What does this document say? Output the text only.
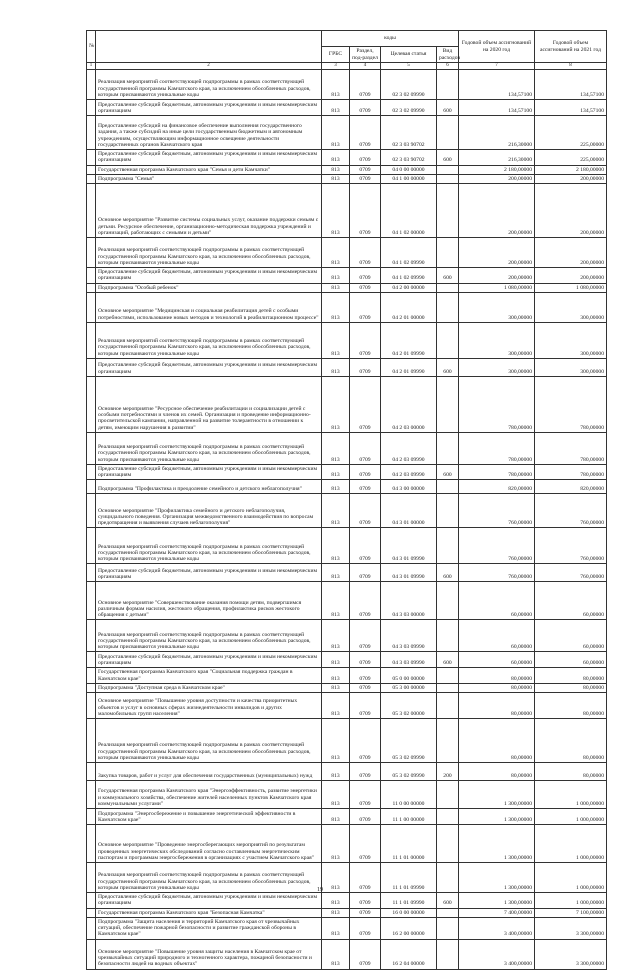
№		коды				Годовой объем ассигнований на 2020 год	Годовой объем ассигнований на 2021 год
		ГРБС	Раздел, под-раздел	Целевая статья	Вид расходов		
1	2	3	4	5	6	7	8
	Реализация мероприятий соответствующей подпрограммы в рамках соответствующей государственной программы Камчатского края, за исключением обособленных расходов, которым присваиваются уникальные коды	813	0709	02 3 02 09990		134,57100	134,57100
	Предоставление субсидий бюджетным, автономным учреждениям и иным некоммерческим организациям	813	0709	02 3 02 09990	600	134,57100	134,57100
	Предоставление субсидий на финансовое обеспечение выполнения государственного задания, а также субсидий на иные цели государственным бюджетным и автономным учреждениям, осуществляющим информационное освещение деятельности государственных органов Камчатского края	813	0709	02 3 03 90702		216,30000	225,00000
	Предоставление субсидий бюджетным, автономным учреждениям и иным некоммерческим организациям	813	0709	02 3 03 90702	600	216,30000	225,00000
	Государственная программа Камчатского края "Семья и дети Камчатки"	813	0709	04 0 00 00000		2 180,00000	2 180,00000
	Подпрограмма "Семья"	813	0709	04 1 00 00000		200,00000	200,00000
	Основное мероприятие "Развитие системы социальных услуг, оказание поддержки семьям с детьми. Ресурсное обеспечение, организационно-методическая поддержка учреждений и организаций, работающих с семьями и детьми"	813	0709	04 1 02 00000		200,00000	200,00000
	Реализация мероприятий соответствующей подпрограммы в рамках соответствующей государственной программы Камчатского края, за исключением обособленных расходов, которым присваиваются уникальные коды	813	0709	04 1 02 09990		200,00000	200,00000
	Предоставление субсидий бюджетным, автономным учреждениям и иным некоммерческим организациям	813	0709	04 1 02 09990	600	200,00000	200,00000
	Подпрограмма "Особый ребенок"	813	0709	04 2 00 00000		1 080,00000	1 080,00000
	Основное мероприятие "Медицинская и социальная реабилитация детей с особыми потребностями, использование новых методов и технологий в реабилитационном процессе"	813	0709	04 2 01 00000		300,00000	300,00000
	Реализация мероприятий соответствующей подпрограммы в рамках соответствующей государственной программы Камчатского края, за исключением обособленных расходов, которым присваиваются уникальные коды	813	0709	04 2 01 09990		300,00000	300,00000
	Предоставление субсидий бюджетным, автономным учреждениям и иным некоммерческим организациям	813	0709	04 2 01 09990	600	300,00000	300,00000
	Основное мероприятие "Ресурсное обеспечение реабилитации и социализации детей с особыми потребностями и членов их семей. Организация и проведение информационно-просветительской кампании, направленной на развитие толерантности в отношении к детям, имеющим нарушения в развитии"	813	0709	04 2 03 00000		780,00000	780,00000
	Реализация мероприятий соответствующей подпрограммы в рамках соответствующей государственной программы Камчатского края, за исключением обособленных расходов, которым присваиваются уникальные коды	813	0709	04 2 03 09990		780,00000	780,00000
	Предоставление субсидий бюджетным, автономным учреждениям и иным некоммерческим организациям	813	0709	04 2 03 09990	600	780,00000	780,00000
	Подпрограмма "Профилактика и преодоление семейного и детского неблагополучия"	813	0709	04 3 00 00000		820,00000	820,00000
	Основное мероприятие "Профилактика семейного и детского неблагополучия, суицидального поведения. Организация межведомственного взаимодействия по вопросам предотвращения и выявления случаев неблагополучия"	813	0709	04 3 01 00000		760,00000	760,00000
	Реализация мероприятий соответствующей подпрограммы в рамках соответствующей государственной программы Камчатского края, за исключением обособленных расходов, которым присваиваются уникальные коды	813	0709	04 3 01 09990		760,00000	760,00000
	Предоставление субсидий бюджетным, автономным учреждениям и иным некоммерческим организациям	813	0709	04 3 01 09990	600	760,00000	760,00000
	Основное мероприятие "Совершенствование оказания помощи детям, подвергшимся различным формам насилия, жестокого обращения, профилактика рисков жестокого обращения с детьми"	813	0709	04 3 03 00000		60,00000	60,00000
	Реализация мероприятий соответствующей подпрограммы в рамках соответствующей государственной программы Камчатского края, за исключением обособленных расходов, которым присваиваются уникальные коды	813	0709	04 3 03 09990		60,00000	60,00000
	Предоставление субсидий бюджетным, автономным учреждениям и иным некоммерческим организациям	813	0709	04 3 03 09990	600	60,00000	60,00000
	Государственная программа Камчатского края "Социальная поддержка граждан в Камчатском крае"	813	0709	05 0 00 00000		80,00000	80,00000
	Подпрограмма "Доступная среда в Камчатском крае"	813	0709	05 3 00 00000		80,00000	80,00000
	Основное мероприятие "Повышение уровня доступности и качества приоритетных объектов и услуг в основных сферах жизнедеятельности инвалидов и других маломобильных групп населения"	813	0709	05 3 02 00000		80,00000	80,00000
	Реализация мероприятий соответствующей подпрограммы в рамках соответствующей государственной программы Камчатского края, за исключением обособленных расходов, которым присваиваются уникальные коды	813	0709	05 3 02 09990		80,00000	80,00000
	Закупка товаров, работ и услуг для обеспечения государственных (муниципальных) нужд	813	0709	05 3 02 09990	200	80,00000	80,00000
	Государственная программа Камчатского края "Энергоэффективность, развитие энергетики и коммунального хозяйства, обеспечение жителей населенных пунктов Камчатского края коммунальными услугами"	813	0709	11 0 00 00000		1 300,00000	1 000,00000
	Подпрограмма "Энергосбережение и повышение энергетической эффективности в Камчатском крае"	813	0709	11 1 00 00000		1 300,00000	1 000,00000
	Основное мероприятие "Проведение энергосберегающих мероприятий по результатам проведенных энергетических обследований согласно составленным энергетическим паспортам и программам энергосбережения в организациях с участием Камчатского края"	813	0709	11 1 01 00000		1 300,00000	1 000,00000
	Реализация мероприятий соответствующей подпрограммы в рамках соответствующей государственной программы Камчатского края, за исключением обособленных расходов, которым присваиваются уникальные коды	813	0709	11 1 01 09990		1 300,00000	1 000,00000
	Предоставление субсидий бюджетным, автономным учреждениям и иным некоммерческим организациям	813	0709	11 1 01 09990	600	1 300,00000	1 000,00000
	Государственная программа Камчатского края "Безопасная Камчатка"	813	0709	16 0 00 00000		7 400,00000	7 100,00000
	Подпрограмма "Защита населения и территорий Камчатского края от чрезвычайных ситуаций, обеспечение пожарной безопасности и развитие гражданской обороны в Камчатском крае"	813	0709	16 2 00 00000		3 400,00000	3 300,00000
	Основное мероприятие "Повышение уровня защиты населения в Камчатском крае от чрезвычайных ситуаций природного и техногенного характера, пожарной безопасности и безопасности людей на водных объектах"	813	0709	16 2 04 00000		3 400,00000	3 300,00000
19
